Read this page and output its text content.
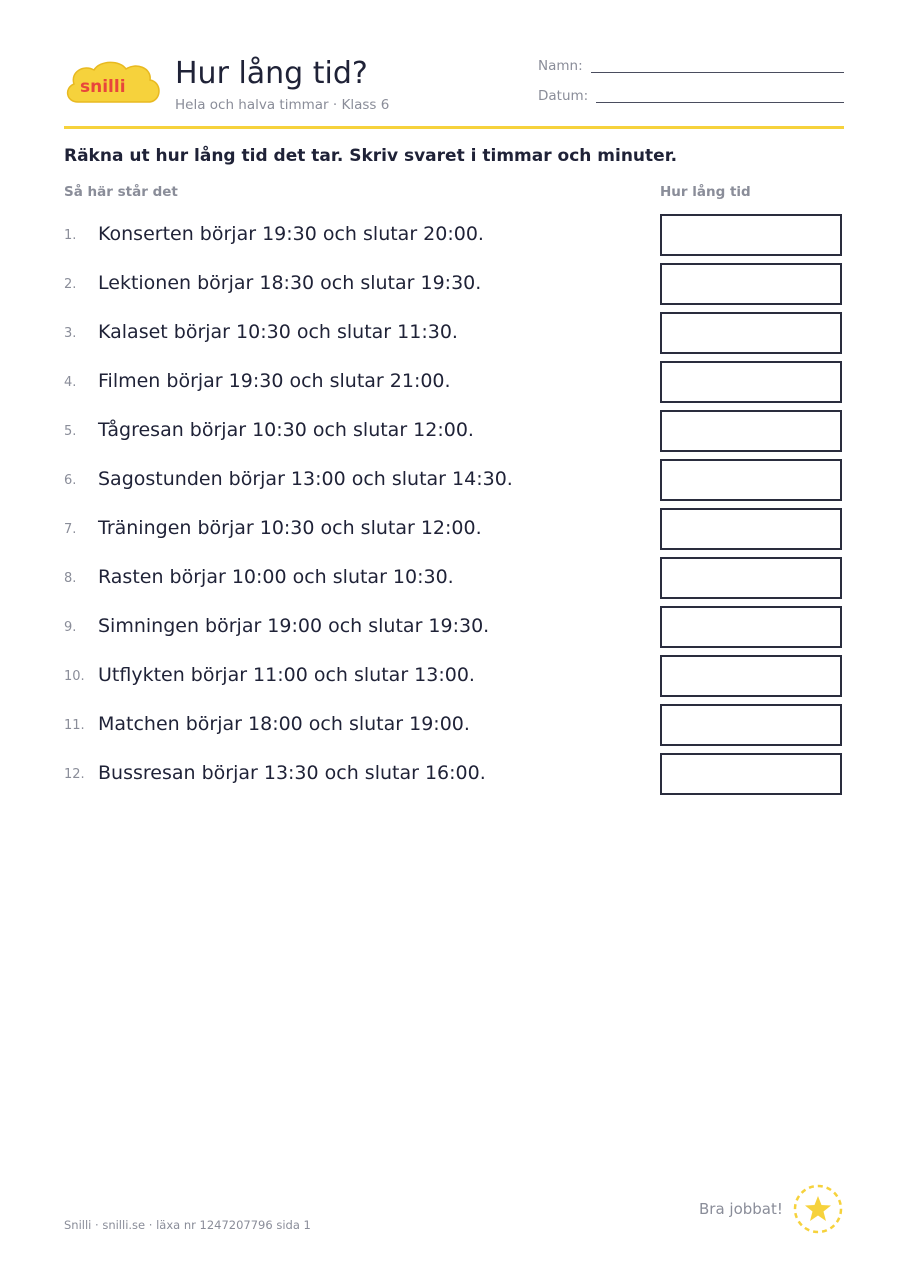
snilli Hur lång tid?
Hela och halva timmar · Klass 6
Namn:
Datum:
Räkna ut hur lång tid det tar. Skriv svaret i timmar och minuter.
Så här står det	Hur lång tid
1. Konserten börjar 19:30 och slutar 20:00.
2. Lektionen börjar 18:30 och slutar 19:30.
3. Kalaset börjar 10:30 och slutar 11:30.
4. Filmen börjar 19:30 och slutar 21:00.
5. Tågresan börjar 10:30 och slutar 12:00.
6. Sagostunden börjar 13:00 och slutar 14:30.
7. Träningen börjar 10:30 och slutar 12:00.
8. Rasten börjar 10:00 och slutar 10:30.
9. Simningen börjar 19:00 och slutar 19:30.
10. Utflykten börjar 11:00 och slutar 13:00.
11. Matchen börjar 18:00 och slutar 19:00.
12. Bussresan börjar 13:30 och slutar 16:00.
Snilli · snilli.se · läxa nr 1247207796 sida 1
Bra jobbat!
